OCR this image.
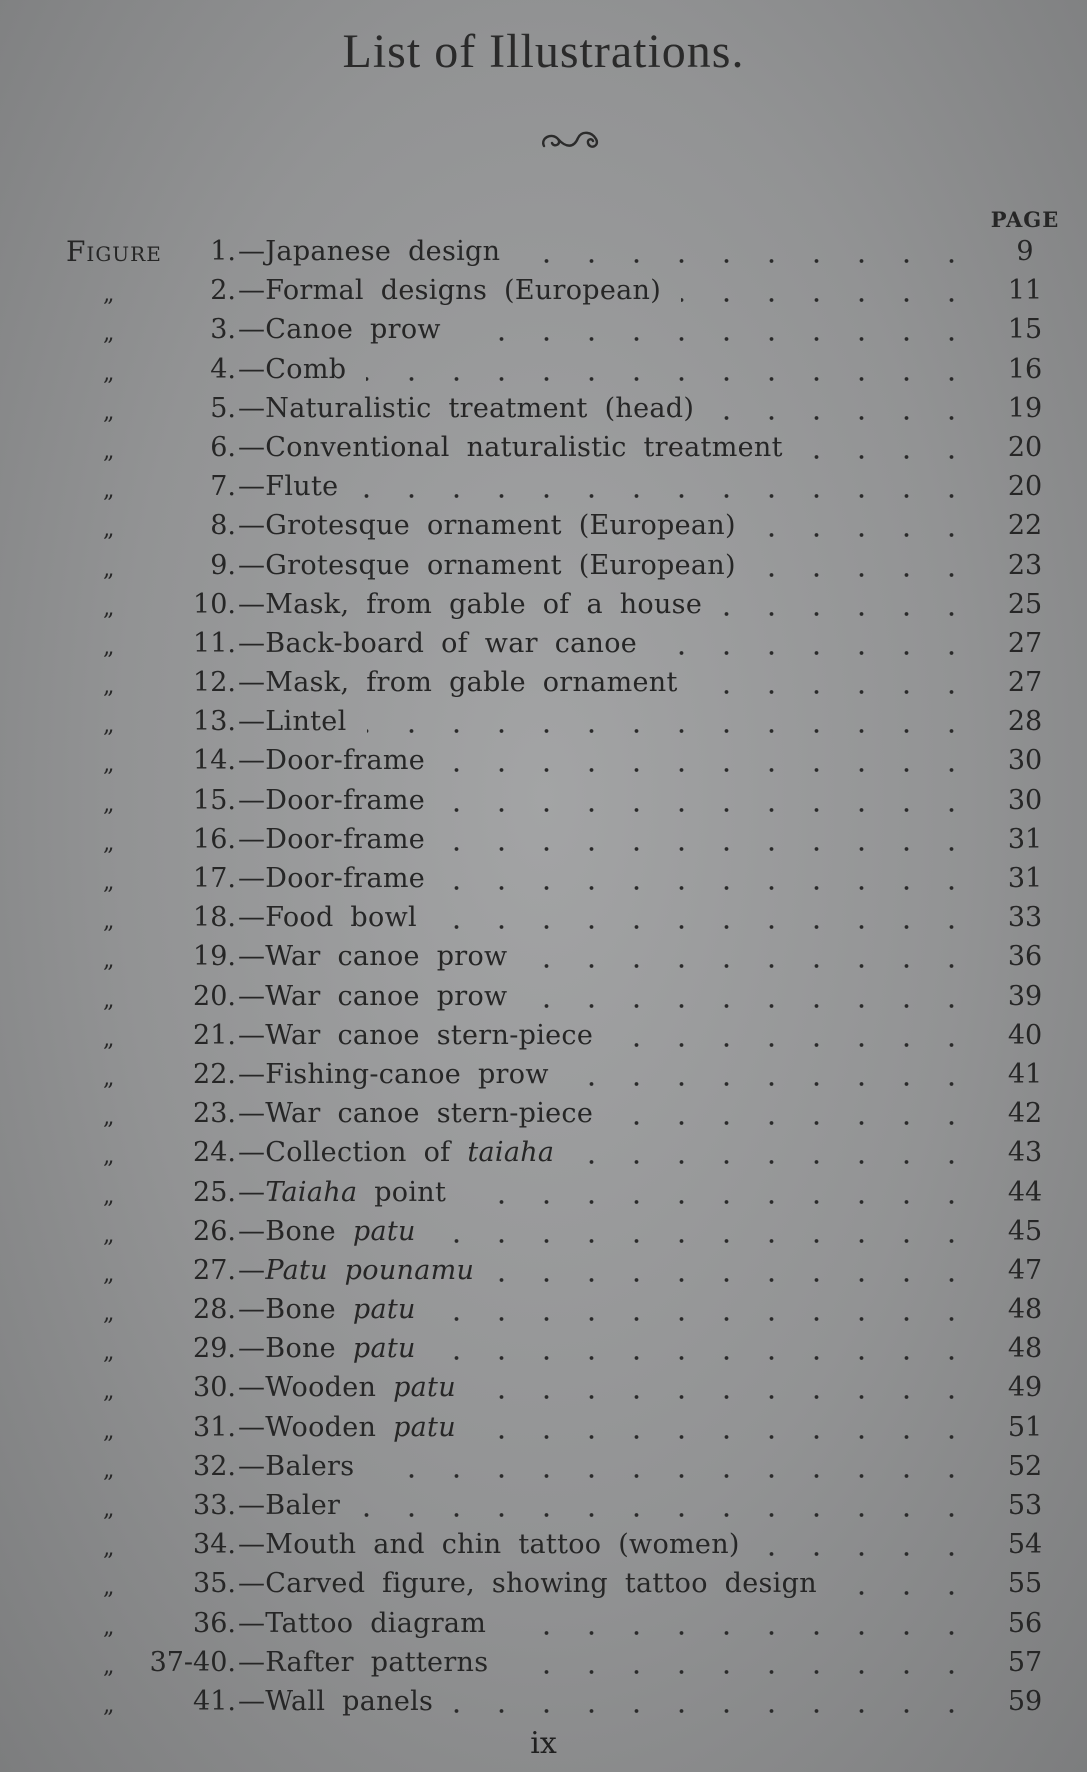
List of Illustrations.
PAGE
Figure	1. —Japanese design	9
„	2. —Formal designs (European)	11
„	3. —Canoe prow	15
„	4. —Comb	16
„	5. —Naturalistic treatment (head)	19
„	6. —Conventional naturalistic treatment	20
„	7. —Flute	20
„	8. —Grotesque ornament (European)	22
„	9. —Grotesque ornament (European)	23
„	10. —Mask, from gable of a house	25
„	11. —Back-board of war canoe	27
„	12. —Mask, from gable ornament	27
„	13. —Lintel	28
„	14. —Door-frame	30
„	15. —Door-frame	30
„	16. —Door-frame	31
„	17. —Door-frame	31
„	18. —Food bowl	33
„	19. —War canoe prow	36
„	20. —War canoe prow	39
„	21. —War canoe stern-piece	40
„	22. —Fishing-canoe prow	41
„	23. —War canoe stern-piece	42
„	24. —Collection of taiaha	43
„	25. —Taiaha point	44
„	26. —Bone patu	45
„	27. —Patu pounamu	47
„	28. —Bone patu	48
„	29. —Bone patu	48
„	30. —Wooden patu	49
„	31. —Wooden patu	51
„	32. —Balers	52
„	33. —Baler	53
„	34. —Mouth and chin tattoo (women)	54
„	35. —Carved figure, showing tattoo design	55
„	36. —Tattoo diagram	56
„	37-40. —Rafter patterns	57
„	41. —Wall panels	59
ix
